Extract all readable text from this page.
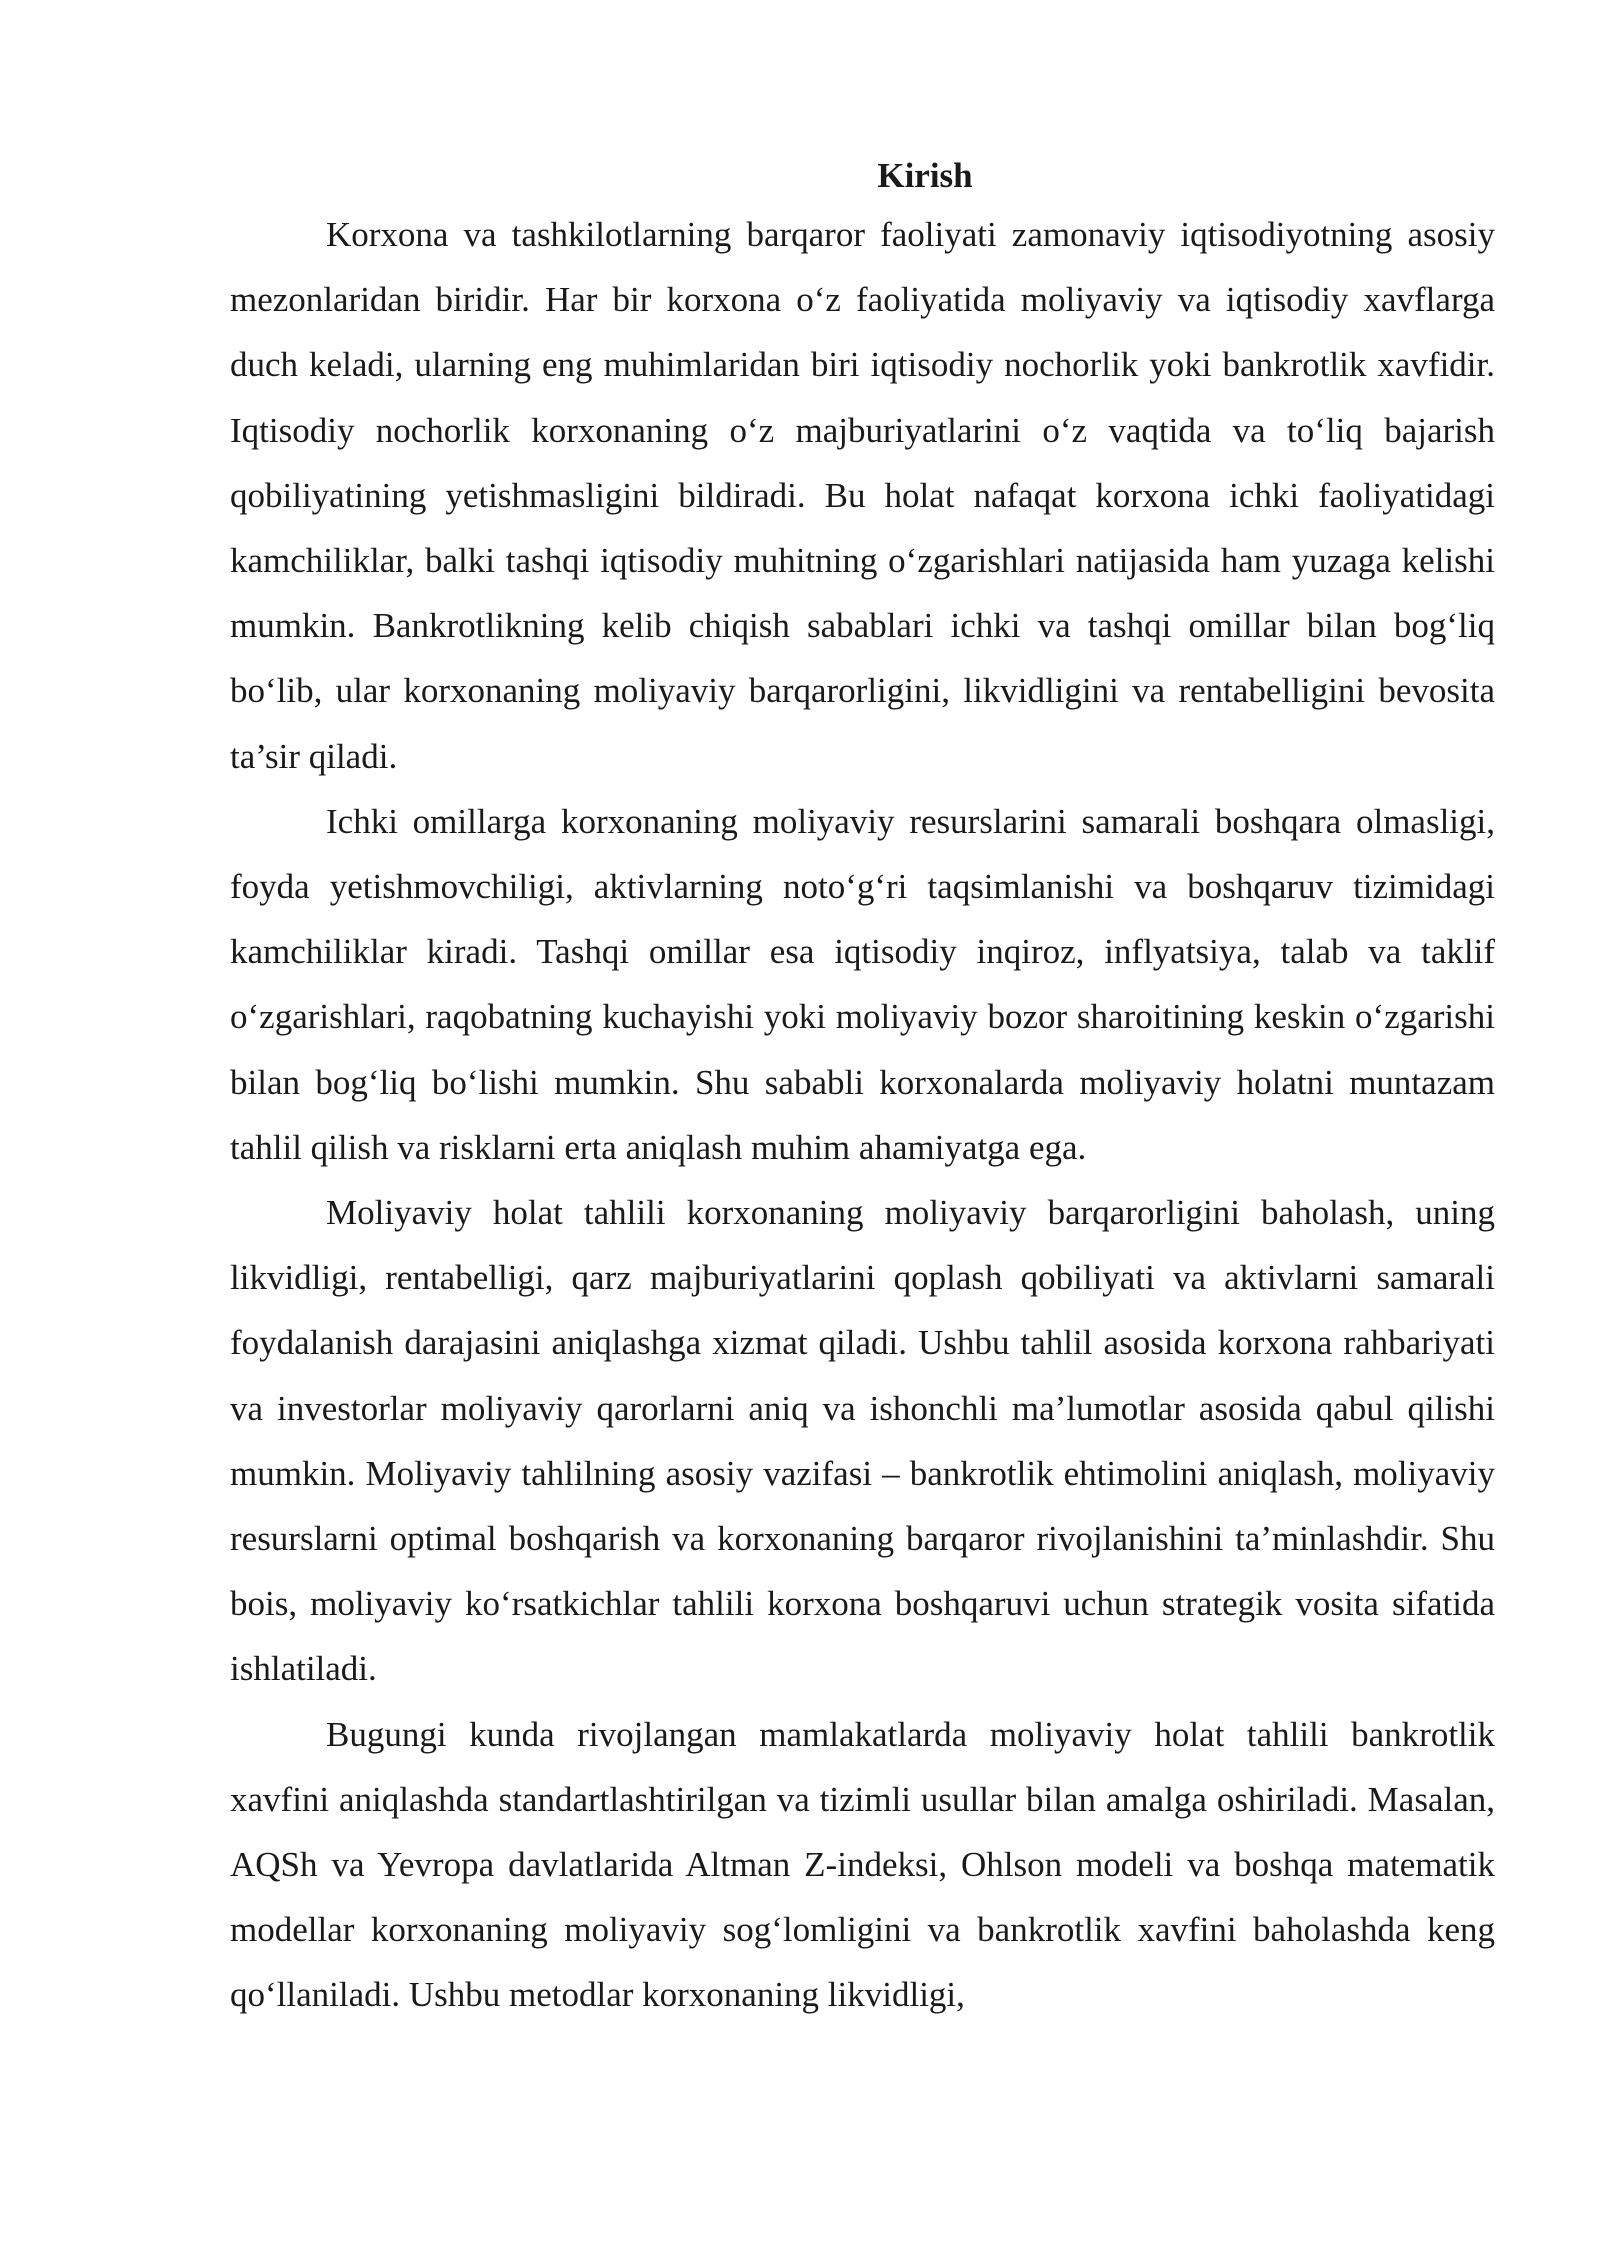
Kirish

Korxona va tashkilotlarning barqaror faoliyati zamonaviy iqtisodiyotning asosiy mezonlaridan biridir. Har bir korxona o‘z faoliyatida moliyaviy va iqtisodiy xavflarga duch keladi, ularning eng muhimlaridan biri iqtisodiy nochorlik yoki bankrotlik xavfidir. Iqtisodiy nochorlik korxonaning o‘z majburiyatlarini o‘z vaqtida va to‘liq bajarish qobiliyatining yetishmasligini bildiradi. Bu holat nafaqat korxona ichki faoliyatidagi kamchiliklar, balki tashqi iqtisodiy muhitning o‘zgarishlari natijasida ham yuzaga kelishi mumkin. Bankrotlikning kelib chiqish sabablari ichki va tashqi omillar bilan bog‘liq bo‘lib, ular korxonaning moliyaviy barqarorligini, likvidligini va rentabelligini bevosita ta’sir qiladi.

Ichki omillarga korxonaning moliyaviy resurslarini samarali boshqara olmasligi, foyda yetishmovchiligi, aktivlarning noto‘g‘ri taqsimlanishi va boshqaruv tizimidagi kamchiliklar kiradi. Tashqi omillar esa iqtisodiy inqiroz, inflyatsiya, talab va taklif o‘zgarishlari, raqobatning kuchayishi yoki moliyaviy bozor sharoitining keskin o‘zgarishi bilan bog‘liq bo‘lishi mumkin. Shu sababli korxonalarda moliyaviy holatni muntazam tahlil qilish va risklarni erta aniqlash muhim ahamiyatga ega.

Moliyaviy holat tahlili korxonaning moliyaviy barqarorligini baholash, uning likvidligi, rentabelligi, qarz majburiyatlarini qoplash qobiliyati va aktivlarni samarali foydalanish darajasini aniqlashga xizmat qiladi. Ushbu tahlil asosida korxona rahbariyati va investorlar moliyaviy qarorlarni aniq va ishonchli ma’lumotlar asosida qabul qilishi mumkin. Moliyaviy tahlilning asosiy vazifasi – bankrotlik ehtimolini aniqlash, moliyaviy resurslarni optimal boshqarish va korxonaning barqaror rivojlanishini ta’minlashdir. Shu bois, moliyaviy ko‘rsatkichlar tahlili korxona boshqaruvi uchun strategik vosita sifatida ishlatiladi.

Bugungi kunda rivojlangan mamlakatlarda moliyaviy holat tahlili bankrotlik xavfini aniqlashda standartlashtirilgan va tizimli usullar bilan amalga oshiriladi. Masalan, AQSh va Yevropa davlatlarida Altman Z-indeksi, Ohlson modeli va boshqa matematik modellar korxonaning moliyaviy sog‘lomligini va bankrotlik xavfini baholashda keng qo‘llaniladi. Ushbu metodlar korxonaning likvidligi,
